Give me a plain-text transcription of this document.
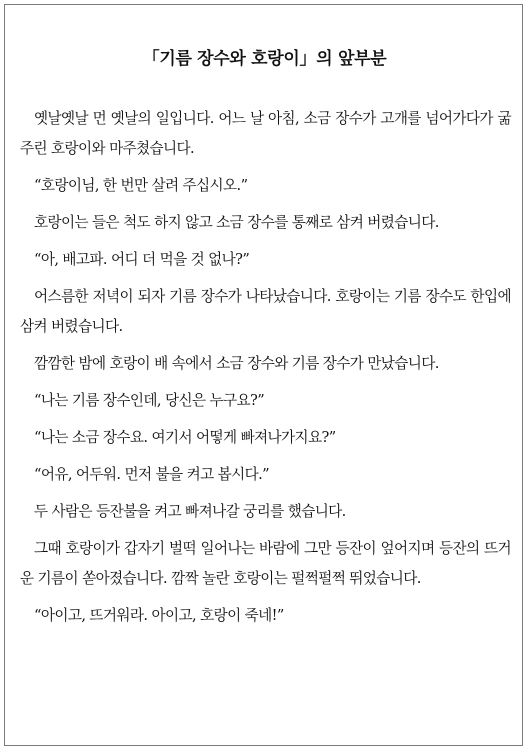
「기름 장수와 호랑이」의 앞부분

옛날옛날 먼 옛날의 일입니다. 어느 날 아침, 소금 장수가 고개를 넘어가다가 굶주린 호랑이와 마주쳤습니다.

“호랑이님, 한 번만 살려 주십시오.”

호랑이는 들은 척도 하지 않고 소금 장수를 통째로 삼켜 버렸습니다.

“아, 배고파. 어디 더 먹을 것 없나?”

어스름한 저녁이 되자 기름 장수가 나타났습니다. 호랑이는 기름 장수도 한입에 삼켜 버렸습니다.

깜깜한 밤에 호랑이 배 속에서 소금 장수와 기름 장수가 만났습니다.

“나는 기름 장수인데, 당신은 누구요?”

“나는 소금 장수요. 여기서 어떻게 빠져나가지요?”

“어유, 어두워. 먼저 불을 켜고 봅시다.”

두 사람은 등잔불을 켜고 빠져나갈 궁리를 했습니다.

그때 호랑이가 갑자기 벌떡 일어나는 바람에 그만 등잔이 엎어지며 등잔의 뜨거운 기름이 쏟아졌습니다. 깜짝 놀란 호랑이는 펄쩍펄쩍 뛰었습니다.

“아이고, 뜨거워라. 아이고, 호랑이 죽네!”
